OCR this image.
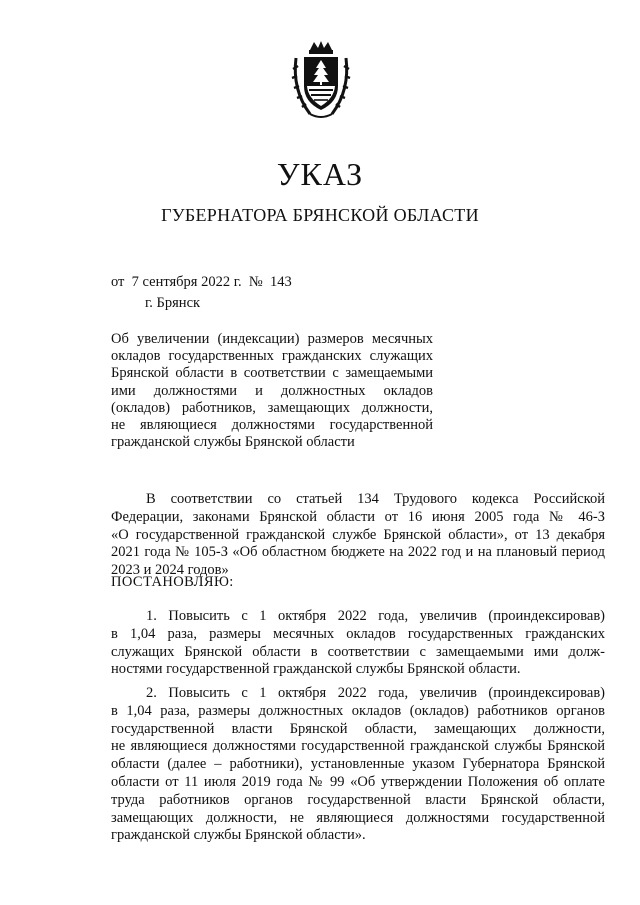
УКАЗ
ГУБЕРНАТОРА БРЯНСКОЙ ОБЛАСТИ
от 7 сентября 2022 г. № 143
г. Брянск
Об увеличении (индексации) размеров месячных
окладов государственных гражданских служащих
Брянской области в соответствии с замещаемыми
ими должностями и должностных окладов
(окладов) работников, замещающих должности,
не являющиеся должностями государственной
гражданской службы Брянской области
В соответствии со статьей 134 Трудового кодекса Российской
Федерации, законами Брянской области от 16 июня 2005 года № 46-З
«О государственной гражданской службе Брянской области», от 13 декабря
2021 года № 105-З «Об областном бюджете на 2022 год и на плановый период
2023 и 2024 годов»
ПОСТАНОВЛЯЮ:
1. Повысить с 1 октября 2022 года, увеличив (проиндексировав)
в 1,04 раза, размеры месячных окладов государственных гражданских
служащих Брянской области в соответствии с замещаемыми ими долж-
ностями государственной гражданской службы Брянской области.
2. Повысить с 1 октября 2022 года, увеличив (проиндексировав)
в 1,04 раза, размеры должностных окладов (окладов) работников органов
государственной власти Брянской области, замещающих должности,
не являющиеся должностями государственной гражданской службы Брянской
области (далее – работники), установленные указом Губернатора Брянской
области от 11 июля 2019 года № 99 «Об утверждении Положения об оплате
труда работников органов государственной власти Брянской области,
замещающих должности, не являющиеся должностями государственной
гражданской службы Брянской области».
